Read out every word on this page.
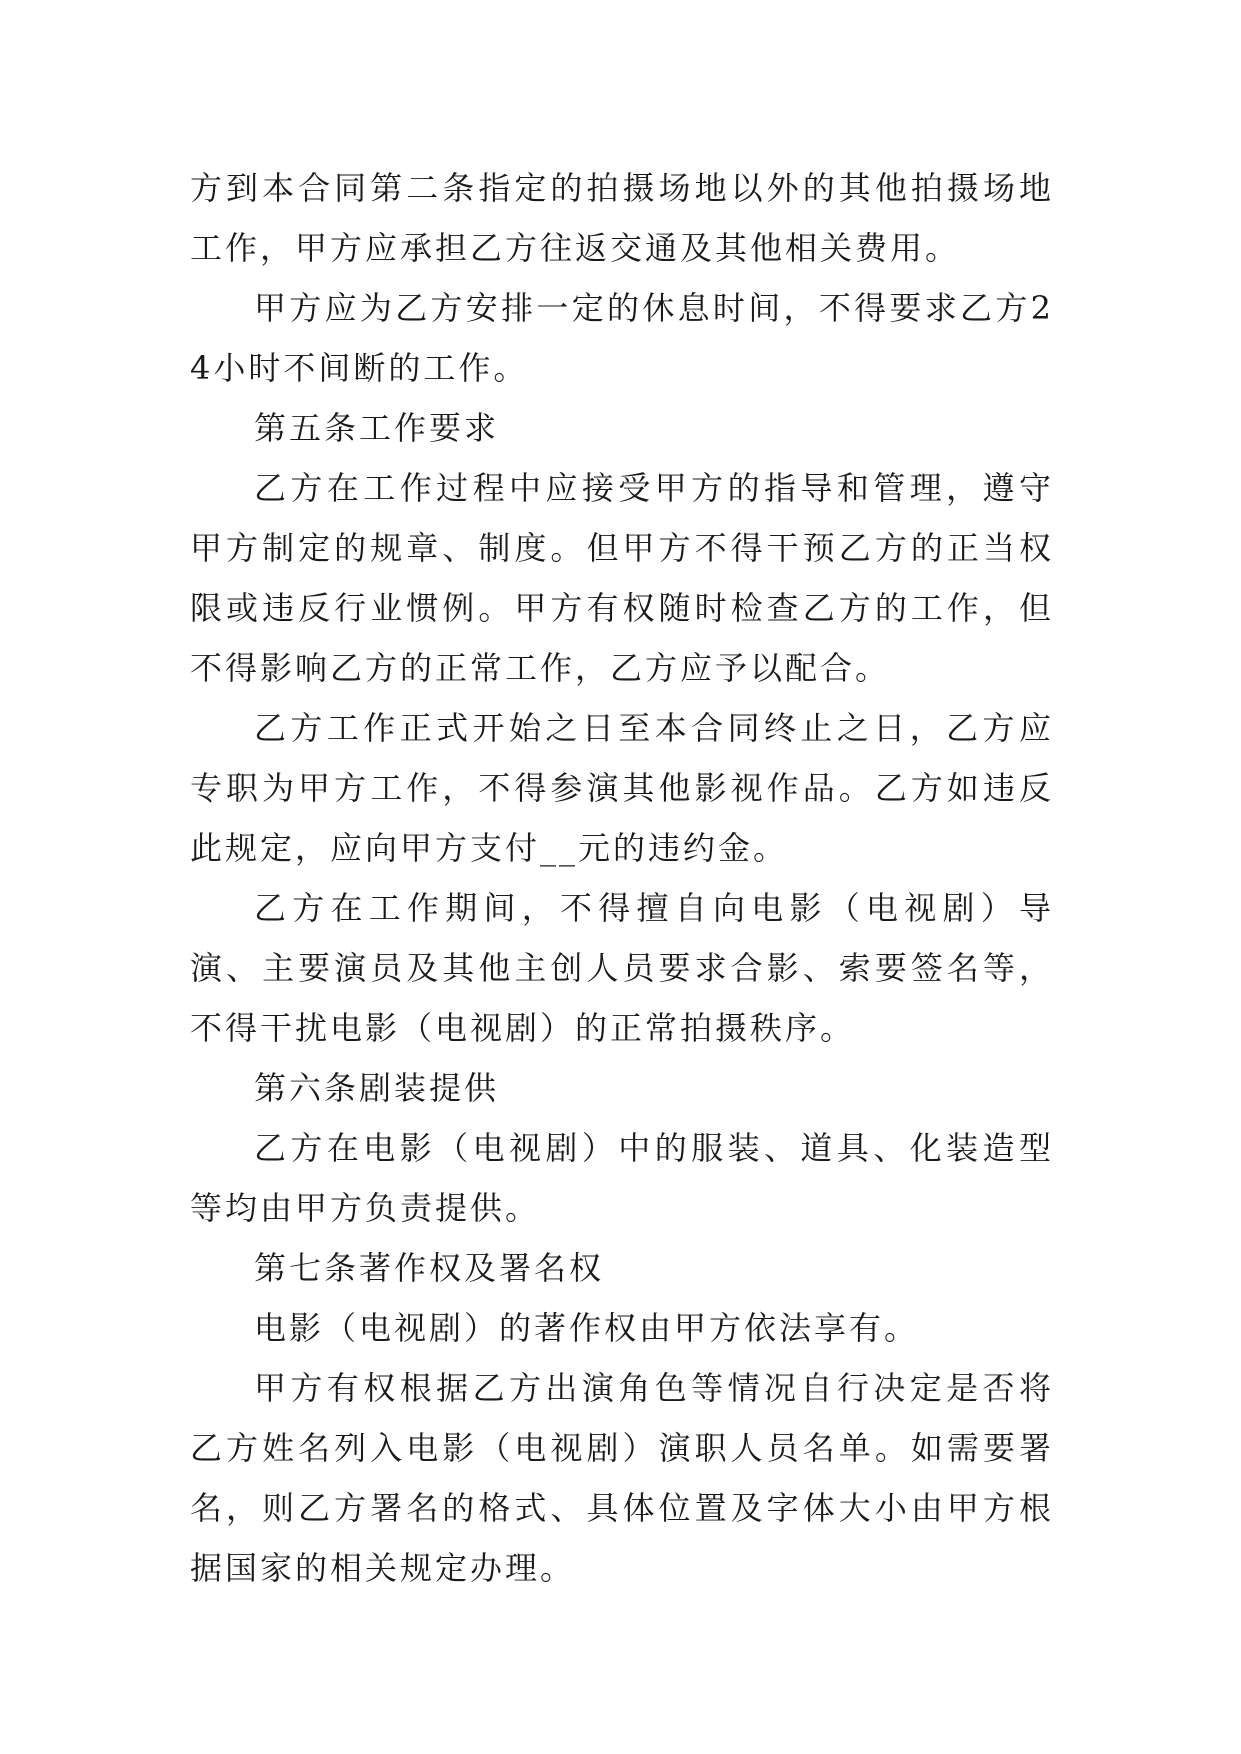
方到本合同第二条指定的拍摄场地以外的其他拍摄场地工作，甲方应承担乙方往返交通及其他相关费用。

甲方应为乙方安排一定的休息时间，不得要求乙方24小时不间断的工作。

第五条工作要求

乙方在工作过程中应接受甲方的指导和管理，遵守甲方制定的规章、制度。但甲方不得干预乙方的正当权限或违反行业惯例。甲方有权随时检查乙方的工作，但不得影响乙方的正常工作，乙方应予以配合。

乙方工作正式开始之日至本合同终止之日，乙方应专职为甲方工作，不得参演其他影视作品。乙方如违反此规定，应向甲方支付__元的违约金。

乙方在工作期间，不得擅自向电影（电视剧）导演、主要演员及其他主创人员要求合影、索要签名等，不得干扰电影（电视剧）的正常拍摄秩序。

第六条剧装提供

乙方在电影（电视剧）中的服装、道具、化装造型等均由甲方负责提供。

第七条著作权及署名权

电影（电视剧）的著作权由甲方依法享有。

甲方有权根据乙方出演角色等情况自行决定是否将乙方姓名列入电影（电视剧）演职人员名单。如需要署名，则乙方署名的格式、具体位置及字体大小由甲方根据国家的相关规定办理。
